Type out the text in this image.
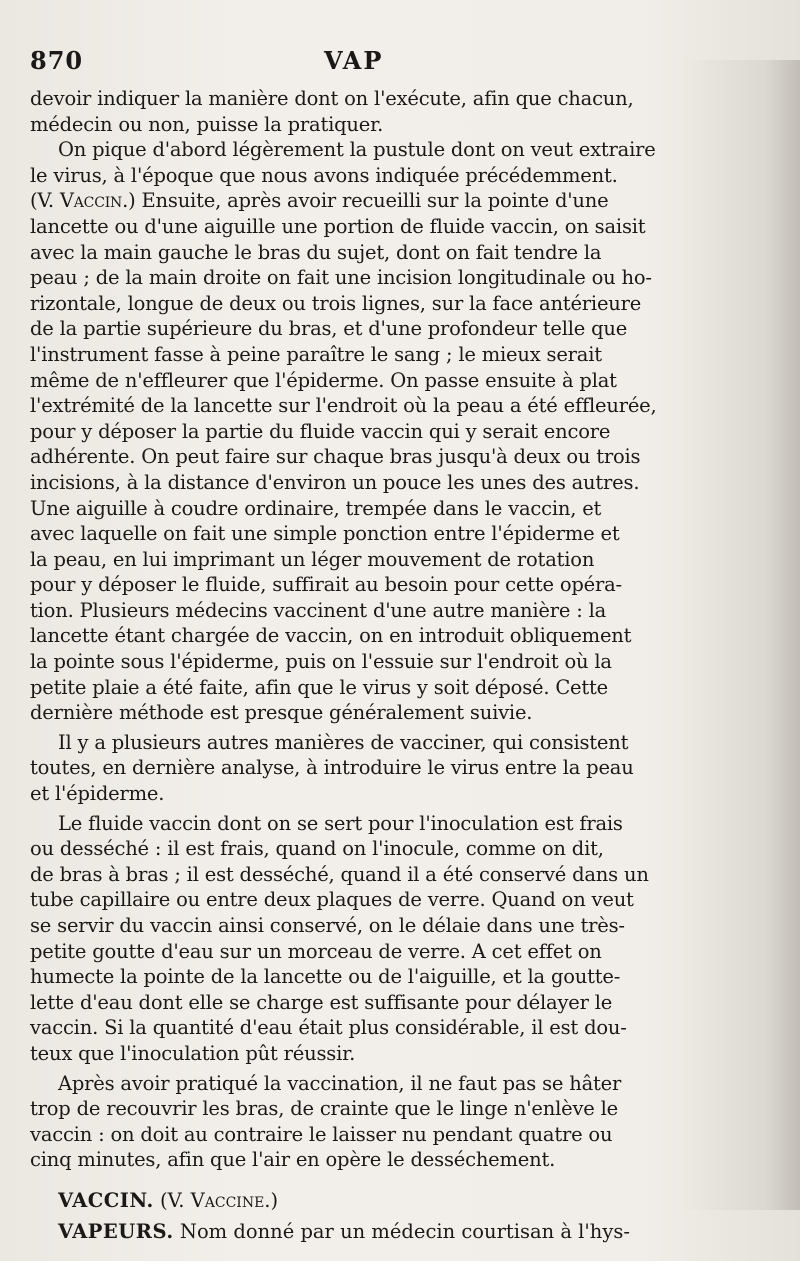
870	VAP
devoir indiquer la manière dont on l'exécute, afin que chacun,
médecin ou non, puisse la pratiquer.
On pique d'abord légèrement la pustule dont on veut extraire
le virus, à l'époque que nous avons indiquée précédemment.
(V. Vaccin.) Ensuite, après avoir recueilli sur la pointe d'une
lancette ou d'une aiguille une portion de fluide vaccin, on saisit
avec la main gauche le bras du sujet, dont on fait tendre la
peau ; de la main droite on fait une incision longitudinale ou ho-
rizontale, longue de deux ou trois lignes, sur la face antérieure
de la partie supérieure du bras, et d'une profondeur telle que
l'instrument fasse à peine paraître le sang ; le mieux serait
même de n'effleurer que l'épiderme. On passe ensuite à plat
l'extrémité de la lancette sur l'endroit où la peau a été effleurée,
pour y déposer la partie du fluide vaccin qui y serait encore
adhérente. On peut faire sur chaque bras jusqu'à deux ou trois
incisions, à la distance d'environ un pouce les unes des autres.
Une aiguille à coudre ordinaire, trempée dans le vaccin, et
avec laquelle on fait une simple ponction entre l'épiderme et
la peau, en lui imprimant un léger mouvement de rotation
pour y déposer le fluide, suffirait au besoin pour cette opéra-
tion. Plusieurs médecins vaccinent d'une autre manière : la
lancette étant chargée de vaccin, on en introduit obliquement
la pointe sous l'épiderme, puis on l'essuie sur l'endroit où la
petite plaie a été faite, afin que le virus y soit déposé. Cette
dernière méthode est presque généralement suivie.
Il y a plusieurs autres manières de vacciner, qui consistent
toutes, en dernière analyse, à introduire le virus entre la peau
et l'épiderme.
Le fluide vaccin dont on se sert pour l'inoculation est frais
ou desséché : il est frais, quand on l'inocule, comme on dit,
de bras à bras ; il est desséché, quand il a été conservé dans un
tube capillaire ou entre deux plaques de verre. Quand on veut
se servir du vaccin ainsi conservé, on le délaie dans une très-
petite goutte d'eau sur un morceau de verre. A cet effet on
humecte la pointe de la lancette ou de l'aiguille, et la goutte-
lette d'eau dont elle se charge est suffisante pour délayer le
vaccin. Si la quantité d'eau était plus considérable, il est dou-
teux que l'inoculation pût réussir.
Après avoir pratiqué la vaccination, il ne faut pas se hâter
trop de recouvrir les bras, de crainte que le linge n'enlève le
vaccin : on doit au contraire le laisser nu pendant quatre ou
cinq minutes, afin que l'air en opère le desséchement.
VACCIN. (V. Vaccine.)
VAPEURS. Nom donné par un médecin courtisan à l'hys-
